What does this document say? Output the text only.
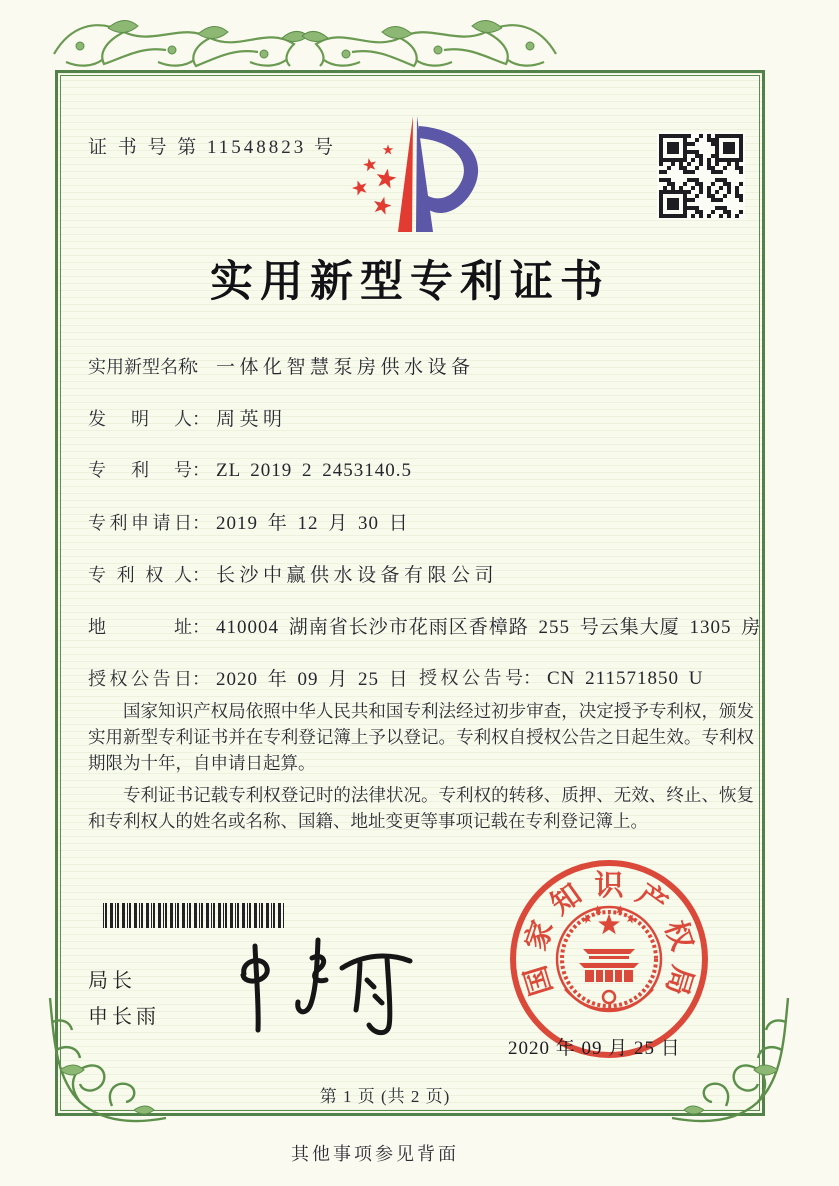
证 书 号 第 11548823 号
实用新型专利证书
实用新型名称： 一体化智慧泵房供水设备
发明人： 周英明
专利号： ZL 2019 2 2453140.5
专利申请日： 2019 年 12 月 30 日
专利权人： 长沙中赢供水设备有限公司
地址： 410004 湖南省长沙市花雨区香樟路 255 号云集大厦 1305 房
授权公告日： 2020 年 09 月 25 日 授权公告号： CN 211571850 U

国家知识产权局依照中华人民共和国专利法经过初步审查，决定授予专利权，颁发实用新型专利证书并在专利登记簿上予以登记。专利权自授权公告之日起生效。专利权期限为十年，自申请日起算。

专利证书记载专利权登记时的法律状况。专利权的转移、质押、无效、终止、恢复和专利权人的姓名或名称、国籍、地址变更等事项记载在专利登记簿上。

局长
申长雨
国
家
知 识 产
权
局
2020 年 09 月 25 日
第 1 页 (共 2 页)
其他事项参见背面
